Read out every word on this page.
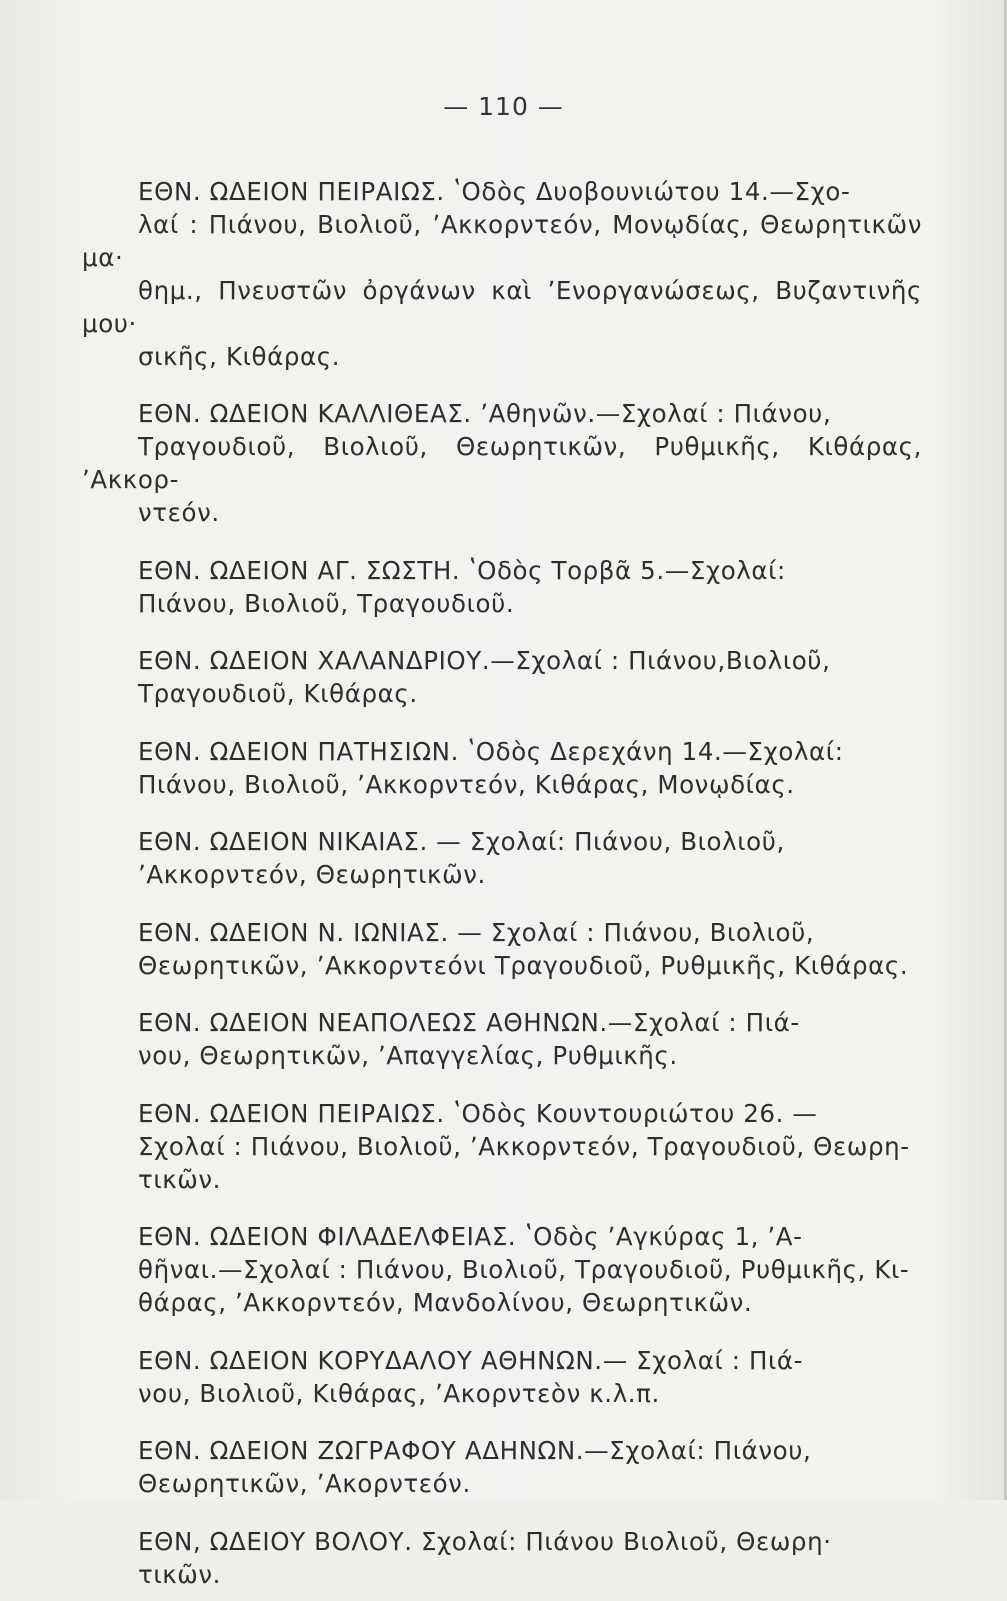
— 110 —

ΕΘΝ. ΩΔΕΙΟΝ ΠΕΙΡΑΙΩΣ. ʽΟδὸς Δυοβουνιώτου 14.—Σχο-
λαί : Πιάνου, Βιολιοῦ, ʼΑκκορντεόν, Μονῳδίας, Θεωρητικῶν μα·
θημ., Πνευστῶν ὀργάνων καὶ ʼΕνοργανώσεως, Βυζαντινῆς μου·
σικῆς, Κιθάρας.

ΕΘΝ. ΩΔΕΙΟΝ ΚΑΛΛΙΘΕΑΣ. ʼΑθηνῶν.—Σχολαί : Πιάνου,
Τραγουδιοῦ, Βιολιοῦ, Θεωρητικῶν, Ρυθμικῆς, Κιθάρας, ʼΑκκορ-
ντεόν.

ΕΘΝ. ΩΔΕΙΟΝ ΑΓ. ΣΩΣΤΗ. ʽΟδὸς Τορβᾶ 5.—Σχολαί:
Πιάνου, Βιολιοῦ, Τραγουδιοῦ.

ΕΘΝ. ΩΔΕΙΟΝ ΧΑΛΑΝΔΡΙΟΥ.—Σχολαί : Πιάνου,Βιολιοῦ,
Τραγουδιοῦ, Κιθάρας.

ΕΘΝ. ΩΔΕΙΟΝ ΠΑΤΗΣΙΩΝ. ʽΟδὸς Δερεχάνη 14.—Σχολαί:
Πιάνου, Βιολιοῦ, ʼΑκκορντεόν, Κιθάρας, Μονῳδίας.

ΕΘΝ. ΩΔΕΙΟΝ ΝΙΚΑΙΑΣ. — Σχολαί: Πιάνου, Βιολιοῦ,
ʼΑκκορντεόν, Θεωρητικῶν.

ΕΘΝ. ΩΔΕΙΟΝ Ν. ΙΩΝΙΑΣ. — Σχολαί : Πιάνου, Βιολιοῦ,
Θεωρητικῶν, ʼΑκκορντεόνι Τραγουδιοῦ, Ρυθμικῆς, Κιθάρας.

ΕΘΝ. ΩΔΕΙΟΝ ΝΕΑΠΟΛΕΩΣ ΑΘΗΝΩΝ.—Σχολαί : Πιά-
νου, Θεωρητικῶν, ʼΑπαγγελίας, Ρυθμικῆς.

ΕΘΝ. ΩΔΕΙΟΝ ΠΕΙΡΑΙΩΣ. ʽΟδὸς Κουντουριώτου 26. —
Σχολαί : Πιάνου, Βιολιοῦ, ʼΑκκορντεόν, Τραγουδιοῦ, Θεωρη-
τικῶν.

ΕΘΝ. ΩΔΕΙΟΝ ΦΙΛΑΔΕΛΦΕΙΑΣ. ʽΟδὸς ʼΑγκύρας 1, ʼΑ-
θῆναι.—Σχολαί : Πιάνου, Βιολιοῦ, Τραγουδιοῦ, Ρυθμικῆς, Κι-
θάρας, ʼΑκκορντεόν, Μανδολίνου, Θεωρητικῶν.

ΕΘΝ. ΩΔΕΙΟΝ ΚΟΡΥΔΑΛΟΥ ΑΘΗΝΩΝ.— Σχολαί : Πιά-
νου, Βιολιοῦ, Κιθάρας, ʼΑκορντεὸν κ.λ.π.

ΕΘΝ. ΩΔΕΙΟΝ ΖΩΓΡΑΦΟΥ ΑΔΗΝΩΝ.—Σχολαί: Πιάνου,
Θεωρητικῶν, ʼΑκορντεόν.

ΕΘΝ, ΩΔΕΙΟΥ ΒΟΛΟΥ. Σχολαί: Πιάνου Βιολιοῦ, Θεωρη·
τικῶν.
